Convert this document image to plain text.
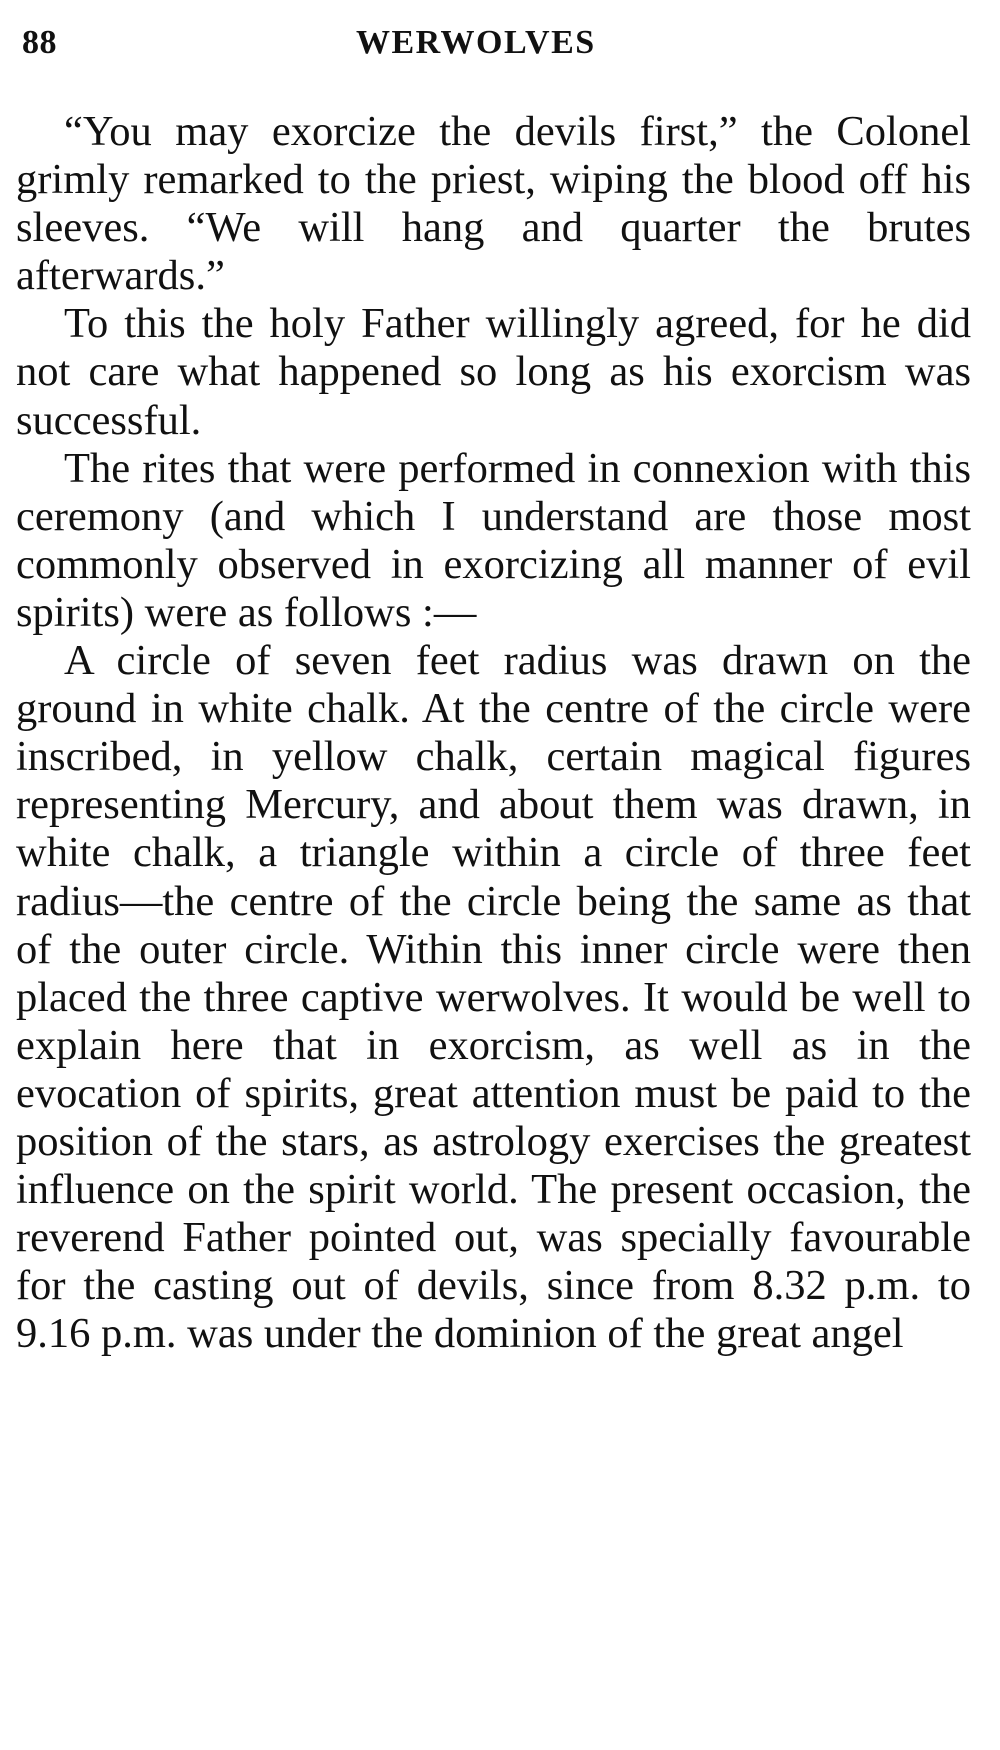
88	WERWOLVES

“You may exorcize the devils first,” the Colonel grimly remarked to the priest, wiping the blood off his sleeves. “We will hang and quarter the brutes afterwards.”

To this the holy Father willingly agreed, for he did not care what happened so long as his exorcism was successful.

The rites that were performed in connexion with this ceremony (and which I understand are those most commonly observed in exorcizing all manner of evil spirits) were as follows :—

A circle of seven feet radius was drawn on the ground in white chalk. At the centre of the circle were inscribed, in yellow chalk, certain magical figures representing Mercury, and about them was drawn, in white chalk, a triangle within a circle of three feet radius—the centre of the circle being the same as that of the outer circle. Within this inner circle were then placed the three captive werwolves. It would be well to explain here that in exorcism, as well as in the evocation of spirits, great attention must be paid to the position of the stars, as astrology exercises the greatest influence on the spirit world. The present occasion, the reverend Father pointed out, was specially favourable for the casting out of devils, since from 8.32 p.m. to 9.16 p.m. was under the dominion of the great angel
